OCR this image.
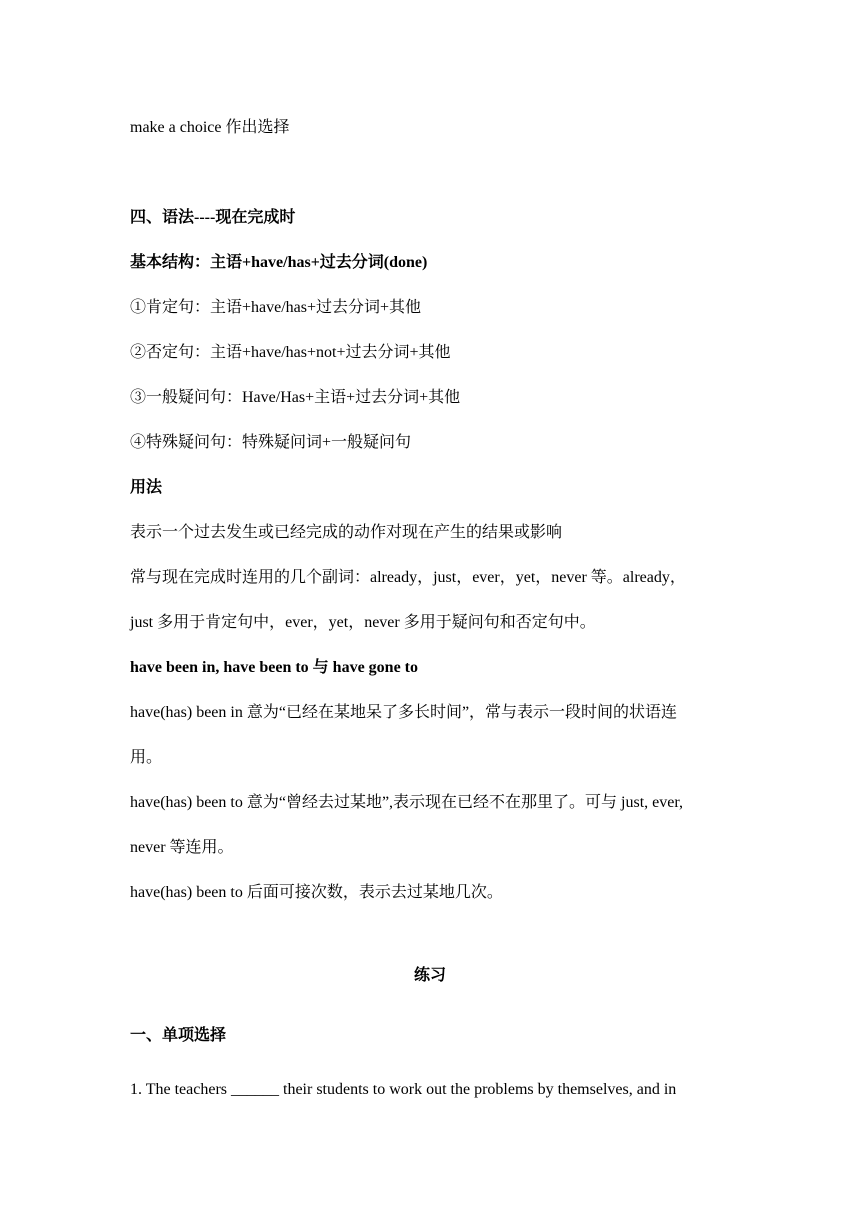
make a choice 作出选择
四、语法----现在完成时
基本结构：主语+have/has+过去分词(done)
①肯定句：主语+have/has+过去分词+其他
②否定句：主语+have/has+not+过去分词+其他
③一般疑问句：Have/Has+主语+过去分词+其他
④特殊疑问句：特殊疑问词+一般疑问句
用法
表示一个过去发生或已经完成的动作对现在产生的结果或影响
常与现在完成时连用的几个副词：already，just，ever，yet，never 等。already，
just 多用于肯定句中，ever，yet，never 多用于疑问句和否定句中。
have been in, have been to 与 have gone to
have(has) been in 意为“已经在某地呆了多长时间”，常与表示一段时间的状语连
用。
have(has) been to 意为“曾经去过某地”,表示现在已经不在那里了。可与 just, ever,
never 等连用。
have(has) been to 后面可接次数，表示去过某地几次。
练习
一、单项选择
1. The teachers ______ their students to work out the problems by themselves, and in
